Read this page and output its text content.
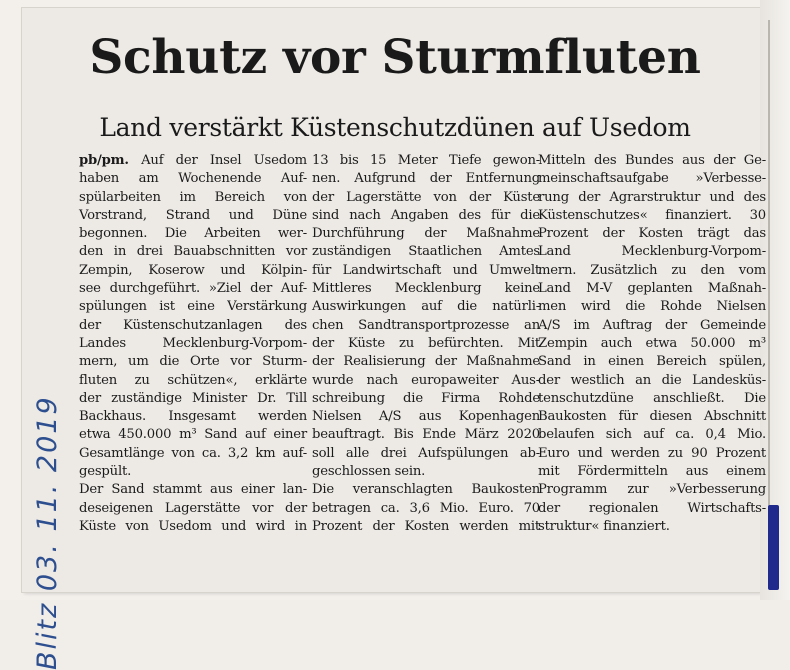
Schutz vor Sturmfluten
Land verstärkt Küstenschutzdünen auf Usedom
pb/pm. Auf der Insel Usedom
haben am Wochenende Auf-
spülarbeiten im Bereich von
Vorstrand, Strand und Düne
begonnen. Die Arbeiten wer-
den in drei Bauabschnitten vor
Zempin, Koserow und Kölpin-
see durchgeführt. »Ziel der Auf-
spülungen ist eine Verstärkung
der Küstenschutzanlagen des
Landes Mecklenburg-Vorpom-
mern, um die Orte vor Sturm-
fluten zu schützen«, erklärte
der zuständige Minister Dr. Till
Backhaus. Insgesamt werden
etwa 450.000 m³ Sand auf einer
Gesamtlänge von ca. 3,2 km auf-
gespült.
Der Sand stammt aus einer lan-
deseigenen Lagerstätte vor der
Küste von Usedom und wird in
13 bis 15 Meter Tiefe gewon-
nen. Aufgrund der Entfernung
der Lagerstätte von der Küste
sind nach Angaben des für die
Durchführung der Maßnahme
zuständigen Staatlichen Amtes
für Landwirtschaft und Umwelt
Mittleres Mecklenburg keine
Auswirkungen auf die natürli-
chen Sandtransportprozesse an
der Küste zu befürchten. Mit
der Realisierung der Maßnahme
wurde nach europaweiter Aus-
schreibung die Firma Rohde
Nielsen A/S aus Kopenhagen
beauftragt. Bis Ende März 2020
soll alle drei Aufspülungen ab-
geschlossen sein.
Die veranschlagten Baukosten
betragen ca. 3,6 Mio. Euro. 70
Prozent der Kosten werden mit
Mitteln des Bundes aus der Ge-
meinschaftsaufgabe »Verbesse-
rung der Agrarstruktur und des
Küstenschutzes« finanziert. 30
Prozent der Kosten trägt das
Land Mecklenburg-Vorpom-
mern. Zusätzlich zu den vom
Land M-V geplanten Maßnah-
men wird die Rohde Nielsen
A/S im Auftrag der Gemeinde
Zempin auch etwa 50.000 m³
Sand in einen Bereich spülen,
der westlich an die Landesküs-
tenschutzdüne anschließt. Die
Baukosten für diesen Abschnitt
belaufen sich auf ca. 0,4 Mio.
Euro und werden zu 90 Prozent
mit Fördermitteln aus einem
Programm zur »Verbesserung
der regionalen Wirtschafts-
struktur« finanziert.
Blitz 03. 11. 2019
